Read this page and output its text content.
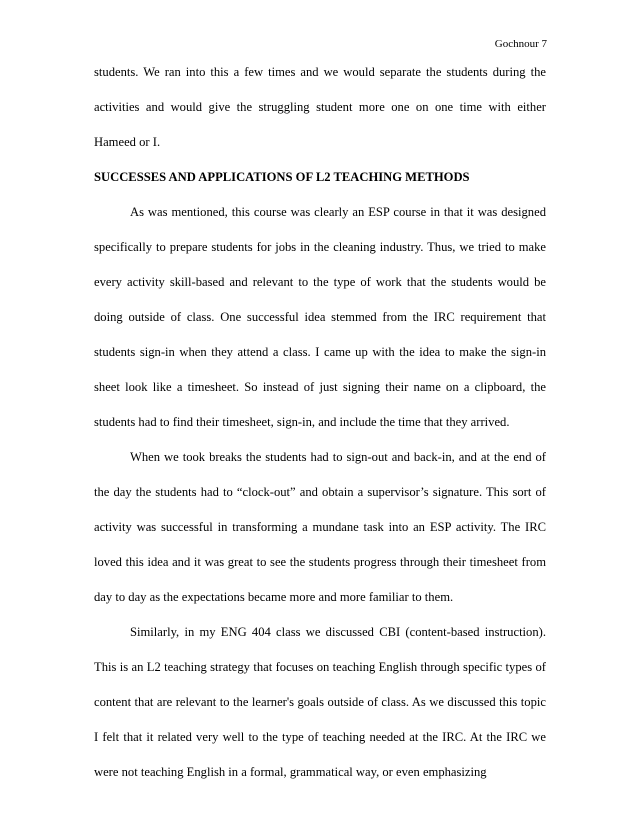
Gochnour 7

students. We ran into this a few times and we would separate the students during the

activities and would give the struggling student more one on one time with either

Hameed or I.

SUCCESSES AND APPLICATIONS OF L2 TEACHING METHODS

As was mentioned, this course was clearly an ESP course in that it was designed

specifically to prepare students for jobs in the cleaning industry. Thus, we tried to make

every activity skill-based and relevant to the type of work that the students would be

doing outside of class. One successful idea stemmed from the IRC requirement that

students sign-in when they attend a class. I came up with the idea to make the sign-in

sheet look like a timesheet. So instead of just signing their name on a clipboard, the

students had to find their timesheet, sign-in, and include the time that they arrived.

When we took breaks the students had to sign-out and back-in, and at the end of

the day the students had to “clock-out” and obtain a supervisor’s signature. This sort of

activity was successful in transforming a mundane task into an ESP activity. The IRC

loved this idea and it was great to see the students progress through their timesheet from

day to day as the expectations became more and more familiar to them.

Similarly, in my ENG 404 class we discussed CBI (content-based instruction).

This is an L2 teaching strategy that focuses on teaching English through specific types of

content that are relevant to the learner's goals outside of class. As we discussed this topic

I felt that it related very well to the type of teaching needed at the IRC. At the IRC we

were not teaching English in a formal, grammatical way, or even emphasizing
